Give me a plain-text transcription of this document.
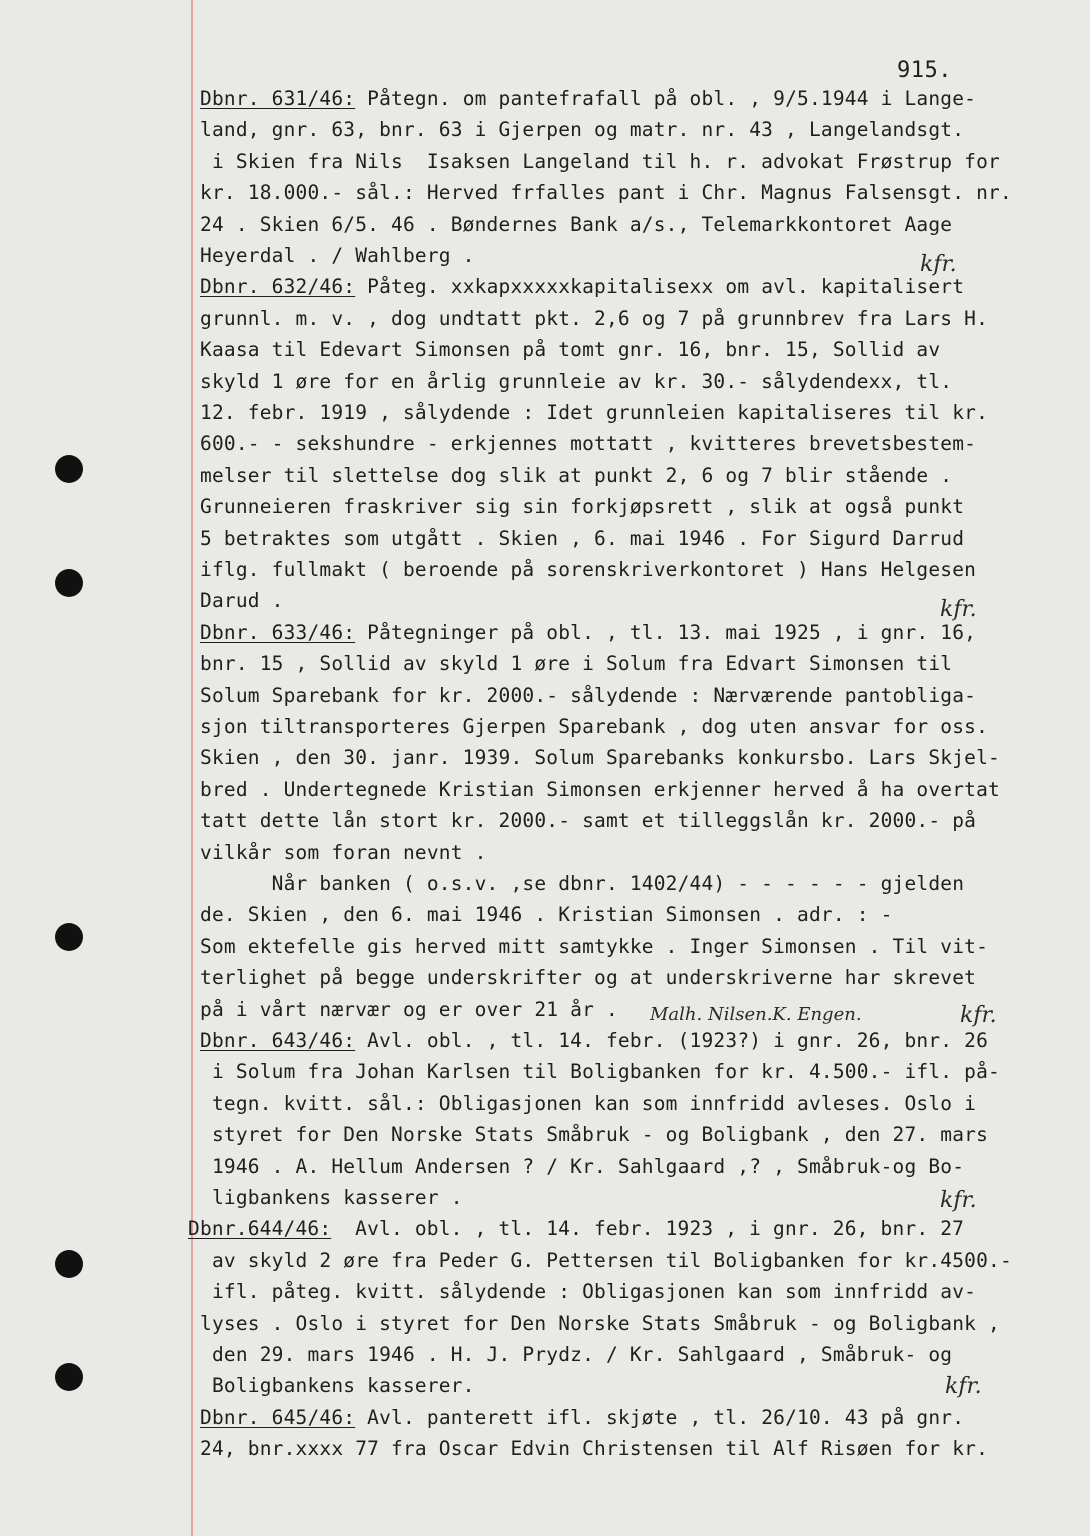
915.
Dbnr. 631/46: Påtegn. om pantefrafall på obl. , 9/5.1944 i Lange-
land, gnr. 63, bnr. 63 i Gjerpen og matr. nr. 43 , Langelandsgt.
i Skien fra Nils  Isaksen Langeland til h. r. advokat Frøstrup for
kr. 18.000.- sål.: Herved frfalles pant i Chr. Magnus Falsensgt. nr.
24 . Skien 6/5. 46 . Bøndernes Bank a/s., Telemarkkontoret Aage
Heyerdal . / Wahlberg .
Dbnr. 632/46: Påteg. xxkapxxxxxkapitalisexx om avl. kapitalisert
grunnl. m. v. , dog undtatt pkt. 2,6 og 7 på grunnbrev fra Lars H.
Kaasa til Edevart Simonsen på tomt gnr. 16, bnr. 15, Sollid av
skyld 1 øre for en årlig grunnleie av kr. 30.- sålydendexx, tl.
12. febr. 1919 , sålydende : Idet grunnleien kapitaliseres til kr.
600.- - sekshundre - erkjennes mottatt , kvitteres brevetsbestem-
melser til slettelse dog slik at punkt 2, 6 og 7 blir stående .
Grunneieren fraskriver sig sin forkjøpsrett , slik at også punkt
5 betraktes som utgått . Skien , 6. mai 1946 . For Sigurd Darrud
iflg. fullmakt ( beroende på sorenskriverkontoret ) Hans Helgesen
Darud .
Dbnr. 633/46: Påtegninger på obl. , tl. 13. mai 1925 , i gnr. 16,
bnr. 15 , Sollid av skyld 1 øre i Solum fra Edvart Simonsen til
Solum Sparebank for kr. 2000.- sålydende : Nærværende pantobliga-
sjon tiltransporteres Gjerpen Sparebank , dog uten ansvar for oss.
Skien , den 30. janr. 1939. Solum Sparebanks konkursbo. Lars Skjel-
bred . Undertegnede Kristian Simonsen erkjenner herved å ha overtat
tatt dette lån stort kr. 2000.- samt et tilleggslån kr. 2000.- på
vilkår som foran nevnt .
Når banken ( o.s.v. ,se dbnr. 1402/44) - - - - - - gjelden
de. Skien , den 6. mai 1946 . Kristian Simonsen . adr. : -
Som ektefelle gis herved mitt samtykke . Inger Simonsen . Til vit-
terlighet på begge underskrifter og at underskriverne har skrevet
på i vårt nærvær og er over 21 år .
Dbnr. 643/46: Avl. obl. , tl. 14. febr. (1923?) i gnr. 26, bnr. 26
i Solum fra Johan Karlsen til Boligbanken for kr. 4.500.- ifl. på-
tegn. kvitt. sål.: Obligasjonen kan som innfridd avleses. Oslo i
styret for Den Norske Stats Småbruk - og Boligbank , den 27. mars
1946 . A. Hellum Andersen ? / Kr. Sahlgaard ,? , Småbruk-og Bo-
ligbankens kasserer .
Dbnr.644/46:  Avl. obl. , tl. 14. febr. 1923 , i gnr. 26, bnr. 27
av skyld 2 øre fra Peder G. Pettersen til Boligbanken for kr.4500.-
ifl. påteg. kvitt. sålydende : Obligasjonen kan som innfridd av-
lyses . Oslo i styret for Den Norske Stats Småbruk - og Boligbank ,
den 29. mars 1946 . H. J. Prydz. / Kr. Sahlgaard , Småbruk- og
Boligbankens kasserer.
Dbnr. 645/46: Avl. panterett ifl. skjøte , tl. 26/10. 43 på gnr.
24, bnr.xxxx 77 fra Oscar Edvin Christensen til Alf Risøen for kr.
kfr.
kfr.
Malh. Nilsen.K. Engen.	kfr.
kfr.
kfr.
